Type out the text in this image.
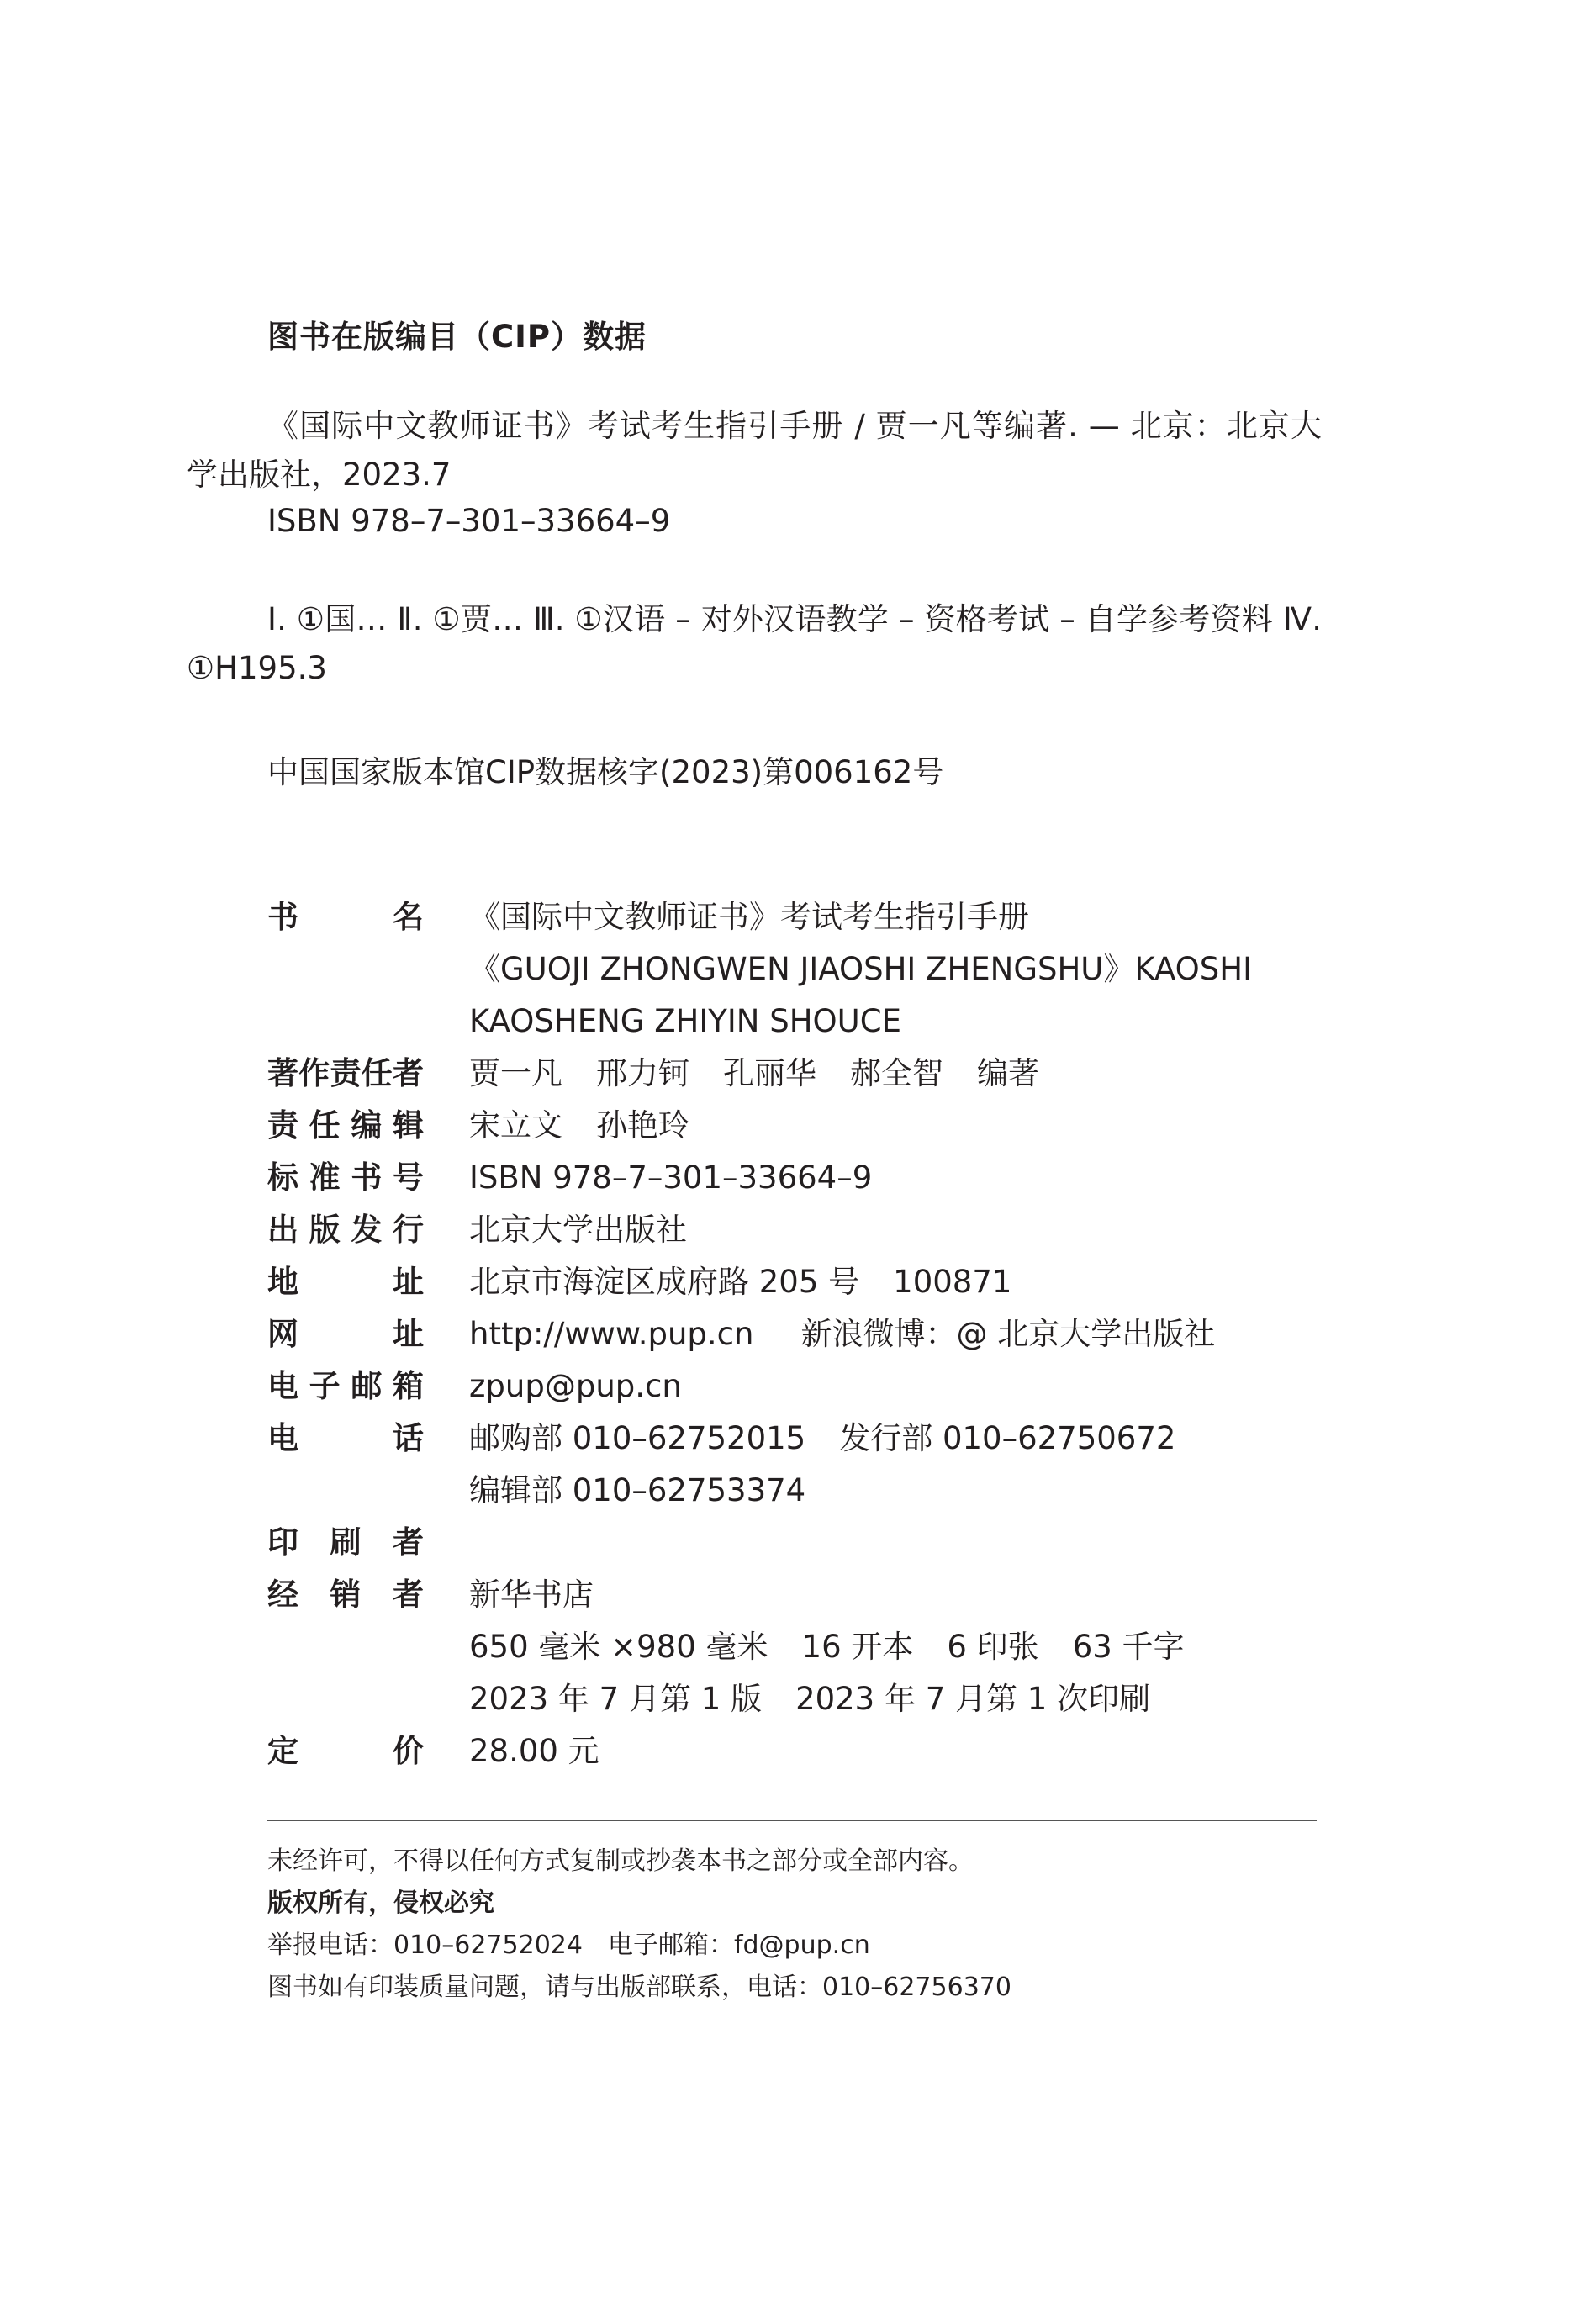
图书在版编目（CIP）数据
《国际中文教师证书》考试考生指引手册 / 贾一凡等编著. — 北京：北京大学出版社，2023.7
ISBN 978–7–301–33664–9
Ⅰ. ①国… Ⅱ. ①贾… Ⅲ. ①汉语 – 对外汉语教学 – 资格考试 – 自学参考资料 Ⅳ. ①H195.3
中国国家版本馆CIP数据核字(2023)第006162号
书	名 《国际中文教师证书》考试考生指引手册
《GUOJI ZHONGWEN JIAOSHI ZHENGSHU》KAOSHI
KAOSHENG ZHIYIN SHOUCE
著 作 责 任 者 贾一凡 邢力钶 孔丽华 郝全智 编著
责 任 编 辑 宋立文 孙艳玲
标 准 书 号 ISBN 978–7–301–33664–9
出 版 发 行 北京大学出版社
地	址 北京市海淀区成府路 205 号 100871
网	址 http://www.pup.cn 新浪微博：@ 北京大学出版社
电 子 邮 箱 zpup@pup.cn
电	话 邮购部 010–62752015 发行部 010–62750672
编辑部 010–62753374
印 刷 者
经 销 者 新华书店
650 毫米 ×980 毫米 16 开本 6 印张 63 千字
2023 年 7 月第 1 版 2023 年 7 月第 1 次印刷
定	价 28.00 元
未经许可，不得以任何方式复制或抄袭本书之部分或全部内容。
版权所有，侵权必究
举报电话：010–62752024　电子邮箱：fd@pup.cn
图书如有印装质量问题，请与出版部联系，电话：010–62756370
